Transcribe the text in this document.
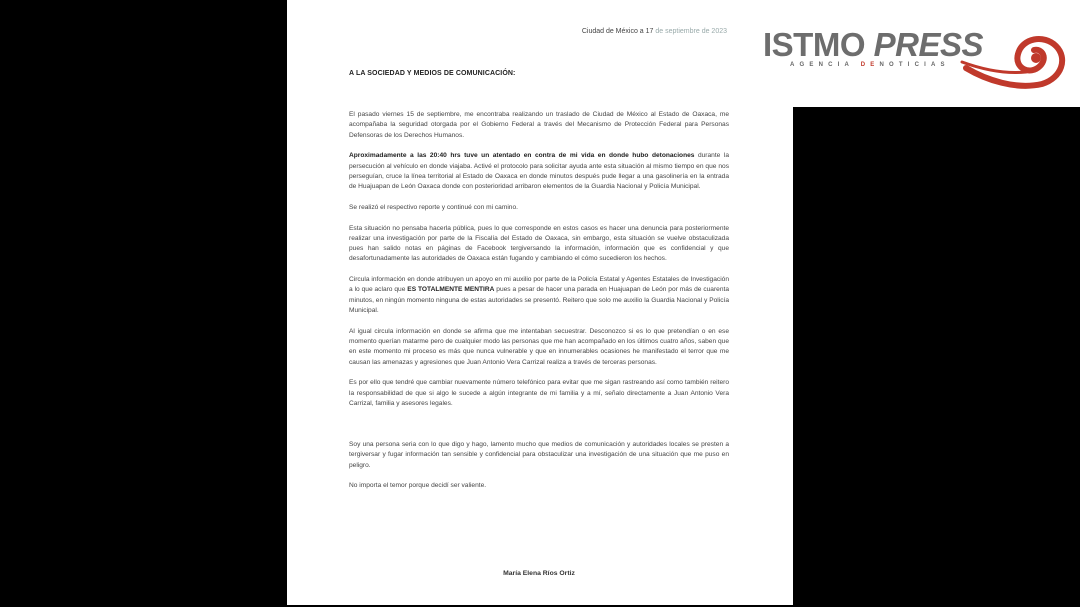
Ciudad de México a 17 de septiembre de 2023
A LA SOCIEDAD Y MEDIOS DE COMUNICACIÓN:

El pasado viernes 15 de septiembre, me encontraba realizando un traslado de Ciudad de México al Estado de Oaxaca, me acompañaba la seguridad otorgada por el Gobierno Federal a través del Mecanismo de Protección Federal para Personas Defensoras de los Derechos Humanos.

Aproximadamente a las 20:40 hrs tuve un atentado en contra de mi vida en donde hubo detonaciones durante la persecución al vehículo en donde viajaba. Activé el protocolo para solicitar ayuda ante esta situación al mismo tiempo en que nos perseguían, cruce la línea territorial al Estado de Oaxaca en donde minutos después pude llegar a una gasolinería en la entrada de Huajuapan de León Oaxaca donde con posterioridad arribaron elementos de la Guardia Nacional y Policía Municipal.

Se realizó el respectivo reporte y continué con mi camino.

Esta situación no pensaba hacerla pública, pues lo que corresponde en estos casos es hacer una denuncia para posteriormente realizar una investigación por parte de la Fiscalía del Estado de Oaxaca, sin embargo, esta situación se vuelve obstaculizada pues han salido notas en páginas de Facebook tergiversando la información, información que es confidencial y que desafortunadamente las autoridades de Oaxaca están fugando y cambiando el cómo sucedieron los hechos.

Circula información en donde atribuyen un apoyo en mi auxilio por parte de la Policía Estatal y Agentes Estatales de Investigación a lo que aclaro que ES TOTALMENTE MENTIRA pues a pesar de hacer una parada en Huajuapan de León por más de cuarenta minutos, en ningún momento ninguna de estas autoridades se presentó. Reitero que solo me auxilio la Guardia Nacional y Policía Municipal.

Al igual circula información en donde se afirma que me intentaban secuestrar. Desconozco si es lo que pretendían o en ese momento querían matarme pero de cualquier modo las personas que me han acompañado en los últimos cuatro años, saben que en este momento mi proceso es más que nunca vulnerable y que en innumerables ocasiones he manifestado el terror que me causan las amenazas y agresiones que Juan Antonio Vera Carrizal realiza a través de terceras personas.

Es por ello que tendré que cambiar nuevamente número telefónico para evitar que me sigan rastreando así como también reitero la responsabilidad de que si algo le sucede a algún integrante de mi familia y a mí, señalo directamente a Juan Antonio Vera Carrizal, familia y asesores legales.

Soy una persona seria con lo que digo y hago, lamento mucho que medios de comunicación y autoridades locales se presten a tergiversar y fugar información tan sensible y confidencial para obstaculizar una investigación de una situación que me puso en peligro.

No importa el temor porque decidí ser valiente.

María Elena Ríos Ortiz
ISTMO PRESS
AGENCIA DENOTICIAS
